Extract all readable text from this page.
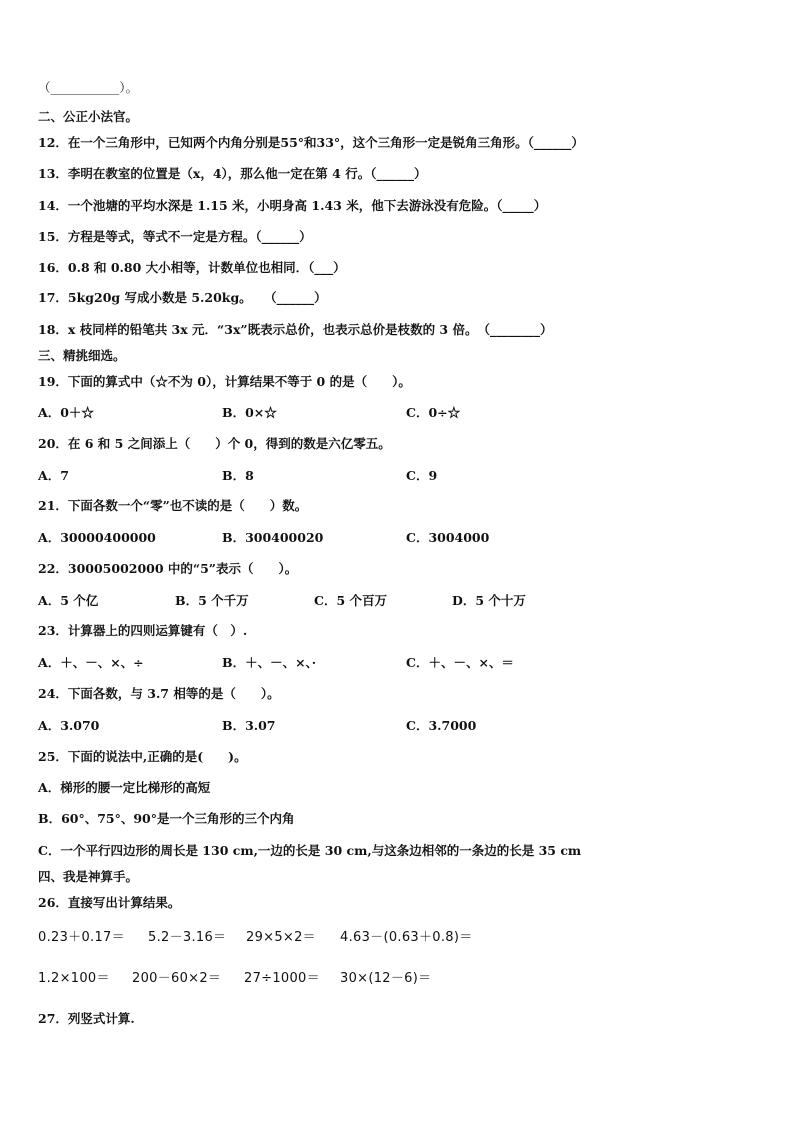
（___________）。
二、公正小法官。
12．在一个三角形中，已知两个内角分别是55°和33°，这个三角形一定是锐角三角形。（______）
13．李明在教室的位置是（x，4），那么他一定在第 4 行。（______）
14．一个池塘的平均水深是 1.15 米，小明身高 1.43 米，他下去游泳没有危险。（_____）
15．方程是等式，等式不一定是方程。（______）
16．0.8 和 0.80 大小相等，计数单位也相同．（___）
17．5kg20g 写成小数是 5.20kg。　　（______）
18．x 枝同样的铅笔共 3x 元．“3x”既表示总价，也表示总价是枝数的 3 倍。　（________）
三、精挑细选。
19．下面的算式中（☆不为 0），计算结果不等于 0 的是（　　）。
A．0＋☆	B．0×☆	C．0÷☆
20．在 6 和 5 之间添上（　　）个 0，得到的数是六亿零五。
A．7	B．8	C．9
21．下面各数一个“零”也不读的是（　　）数。
A．30000400000	B．300400020	C．3004000
22．30005002000 中的“5”表示（　　）。
A．5 个亿	B．5 个千万	C．5 个百万	D．5 个十万
23．计算器上的四则运算键有（　）.
A．＋、－、×、÷	B．＋、－、×、·	C．＋、－、×、＝
24．下面各数，与 3.7 相等的是（　　）。
A．3.070	B．3.07	C．3.7000
25．下面的说法中,正确的是(　　)。
A．梯形的腰一定比梯形的高短
B．60°、75°、90°是一个三角形的三个内角
C．一个平行四边形的周长是 130 cm,一边的长是 30 cm,与这条边相邻的一条边的长是 35 cm
四、我是神算手。
26．直接写出计算结果。
0.23＋0.17＝ 5.2－3.16＝ 29×5×2＝ 4.63－(0.63＋0.8)＝
1.2×100＝ 200－60×2＝ 27÷1000＝ 30×(12－6)＝
27．列竖式计算.
